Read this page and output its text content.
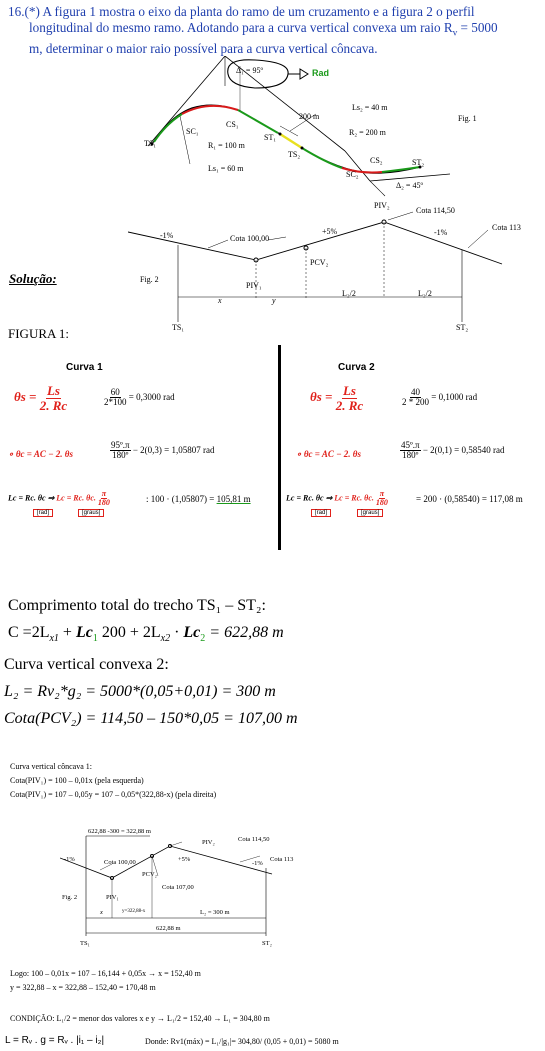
16.(*) A figura 1 mostra o eixo da planta do ramo de um cruzamento e a figura 2 o perfil
longitudinal do mesmo ramo. Adotando para a curva vertical convexa um raio $R_v = 5000$
m, determinar o maior raio possível para a curva vertical côncava.
Δ₁ = 95º	Rad
Fig. 1
TS₁
SC₁
CS₁
ST₁
R₁ = 100 m
Ls₁ = 60 m
200 m
Ls₂ = 40 m
R₂ = 200 m
TS₂
CS₂
SC₂
ST₂
Δ₂ = 45º
PIV₂
Cota 114,50
Cota 113
-1%	Cota 100,00
+5%	-1%
PCV₂
Fig. 2
PIV₁
x	y
L₂/2	L₂/2
TS₁	ST₂
Solução:
FIGURA 1:
Curva 1
$\theta s = \frac{Ls}{2. Rc}$	$\frac{60}{2*100} = 0,3000$ rad
∘ θc = AC − 2. θs	$\frac{\text{95º.π}}{\text{180º}} - 2(0,3) = 1,05807$ rad
Lc = Rc. θc ⇒ Lc = Rc. θc. $\frac{\pi}{180}$	: 100 · (1,05807) = 105,81 m
[rad]	[graus]
Curva 2
$\theta s = \frac{Ls}{2. Rc}$	$\frac{40}{2 * 200} = 0,1000$ rad
∘ θc = AC − 2. θs	$\frac{\text{45º.π}}{\text{180º}} - 2(0,1) = 0,58540$ rad
Lc = Rc. θc ⇒ Lc = Rc. θc. $\frac{\pi}{180}$	= 200 · (0,58540) = 117,08 m
[rad]	[graus]
Comprimento total do trecho TS₁ – ST₂:
$C =2L_{x1} + Lc_1$ $200 + 2L_{x2} \cdot Lc_2 = 622,88$ m
Curva vertical convexa 2:
L₂ = Rv₂*g₂ = 5000*(0,05+0,01) = 300 m
Cota(PCV₂) = 114,50 – 150*0,05 = 107,00 m
Curva vertical côncava 1:
Cota(PIV₁) = 100 – 0,01x (pela esquerda)
Cota(PIV₁) = 107 – 0,05y = 107 – 0,05*(322,88-x) (pela direita)
622,88 -300 = 322,88 m
PIV₂	Cota 114,50
Cota 113
-1%	+5%
-1%
Cota 100,00
PCV₂
Cota 107,00
PIV₁
Fig. 2
x	y=322,88-x	L₂ = 300 m
622,88 m
TS₁	ST₂
Logo: 100 – 0,01x = 107 – 16,144 + 0,05x → x = 152,40 m
y = 322,88 – x = 322,88 – 152,40 = 170,48 m
CONDIÇÃO: L₁/2 = menor dos valores x e y → L₁/2 = 152,40 → L₁ = 304,80 m
L = Rᵥ . g = Rᵥ . |i₁ – i₂|	Donde: Rv1(máx) = L₁/|g₁|= 304,80/ (0,05 + 0,01) = 5080 m
